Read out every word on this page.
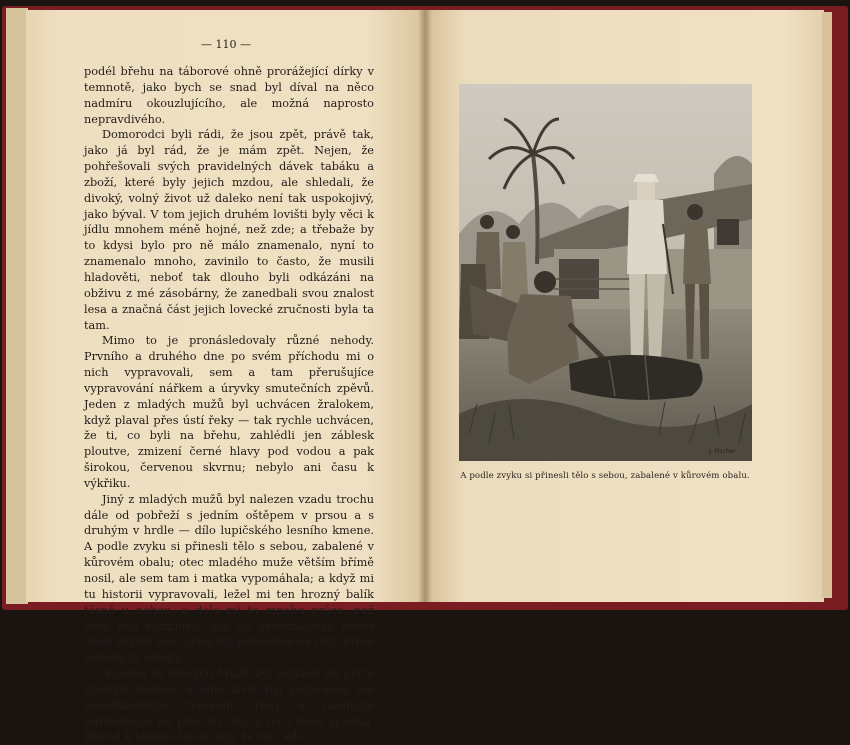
— 110 —

podél břehu na táborové ohně prorážející dírky v temnotě, jako bych se snad byl díval na něco nadmíru okouzlujícího, ale možná naprosto nepravdivého.

Domorodci byli rádi, že jsou zpět, právě tak, jako já byl rád, že je mám zpět. Nejen, že pohřešovali svých pravidelných dávek tabáku a zboží, které byly jejich mzdou, ale shledali, že divoký, volný život už daleko není tak uspokojivý, jako býval. V tom jejich druhém lovišti byly věci k jídlu mnohem méně hojné, než zde; a třebaže by to kdysi bylo pro ně málo znamenalo, nyní to znamenalo mnoho, zavinilo to často, že musili hladověti, neboť tak dlouho byli odkázáni na obživu z mé zásobárny, že zanedbali svou znalost lesa a značná část jejich lovecké zručnosti byla ta tam.

Mimo to je pronásledovaly různé nehody. Prvního a druhého dne po svém příchodu mi o nich vypravovali, sem a tam přerušujíce vypravování nářkem a úryvky smutečních zpěvů. Jeden z mladých mužů byl uchvácen žralokem, když plaval přes ústí řeky — tak rychle uchvácen, že ti, co byli na břehu, zahlédli jen záblesk ploutve, zmizení černé hlavy pod vodou a pak širokou, červenou skvrnu; nebylo ani času k výkřiku.

Jiný z mladých mužů byl nalezen vzadu trochu dále od pobřeží s jedním oštěpem v prsou a s druhým v hrdle — dílo lupičského lesního kmene. A podle zvyku si přinesli tělo s sebou, zabalené v kůrovém obalu; otec mladého muže větším břímě nosil, ale sem tam i matka vypomáhala; a když mi tu historii vypravovali, ležel mi ten hrozný balík těsně u nohou, a dalo mi to mnoho práce, než jsem otci rozmluvil, aby ho nerozbaloval, neboť chtěl zvýšiti mou sympatii pohledem na díry, které udělaly ty oštěpy.

A jeden ze Starých Mužů byl uštknut do prstu hnědým hadem, a jeho život byl zachráněn jen bezodkladným vyssáním rány a násilným udržováním ho plné tři dny a noci beze spánku. Důvod k tomuto léčení byl, že ten, kdo

J. Fischer
A podle zvyku si přinesli tělo s sebou, zabalené v kůrovém obalu.
